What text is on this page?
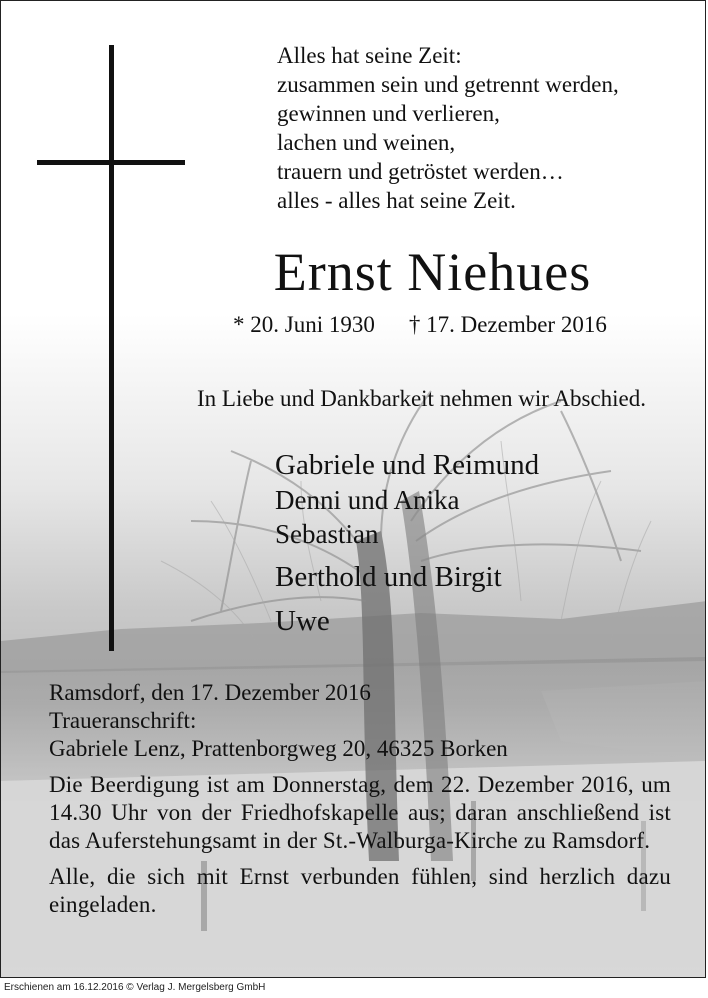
Alles hat seine Zeit:
zusammen sein und getrennt werden,
gewinnen und verlieren,
lachen und weinen,
trauern und getröstet werden…
alles - alles hat seine Zeit.
Ernst Niehues
* 20. Juni 1930 † 17. Dezember 2016
In Liebe und Dankbarkeit nehmen wir Abschied.
Gabriele und Reimund
Denni und Anika
Sebastian
Berthold und Birgit
Uwe
Ramsdorf, den 17. Dezember 2016
Traueranschrift:
Gabriele Lenz, Prattenborgweg 20, 46325 Borken

Die Beerdigung ist am Donnerstag, dem 22. Dezember 2016, um 14.30 Uhr von der Friedhofskapelle aus; daran anschließend ist das Auferstehungsamt in der St.-Walburga-Kirche zu Ramsdorf.

Alle, die sich mit Ernst verbunden fühlen, sind herzlich dazu eingeladen.

Erschienen am 16.12.2016 © Verlag J. Mergelsberg GmbH
